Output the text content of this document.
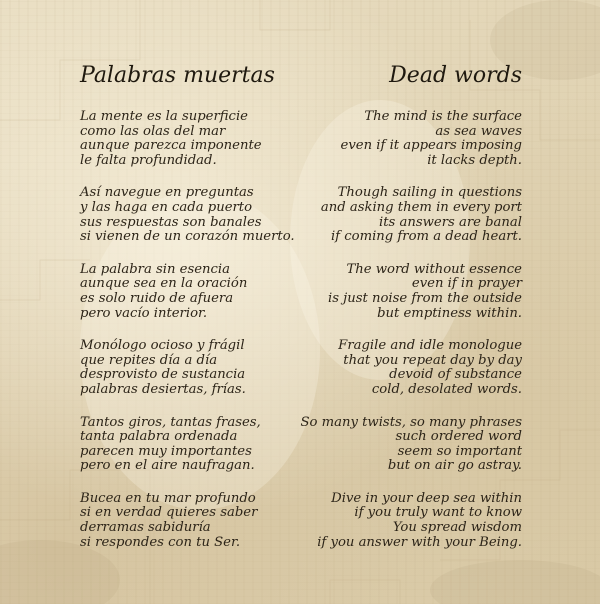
Palabras muertas
La mente es la superficie
como las olas del mar
aunque parezca imponente
le falta profundidad.
Así navegue en preguntas
y las haga en cada puerto
sus respuestas son banales
si vienen de un corazón muerto.
La palabra sin esencia
aunque sea en la oración
es solo ruido de afuera
pero vacío interior.
Monólogo ocioso y frágil
que repites día a día
desprovisto de sustancia
palabras desiertas, frías.
Tantos giros, tantas frases,
tanta palabra ordenada
parecen muy importantes
pero en el aire naufragan.
Bucea en tu mar profundo
si en verdad quieres saber
derramas sabiduría
si respondes con tu Ser.
Dead words
The mind is the surface
as sea waves
even if it appears imposing
it lacks depth.
Though sailing in questions
and asking them in every port
its answers are banal
if coming from a dead heart.
The word without essence
even if in prayer
is just noise from the outside
but emptiness within.
Fragile and idle monologue
that you repeat day by day
devoid of substance
cold, desolated words.
So many twists, so many phrases
such ordered word
seem so important
but on air go astray.
Dive in your deep sea within
if you truly want to know
You spread wisdom
if you answer with your Being.
